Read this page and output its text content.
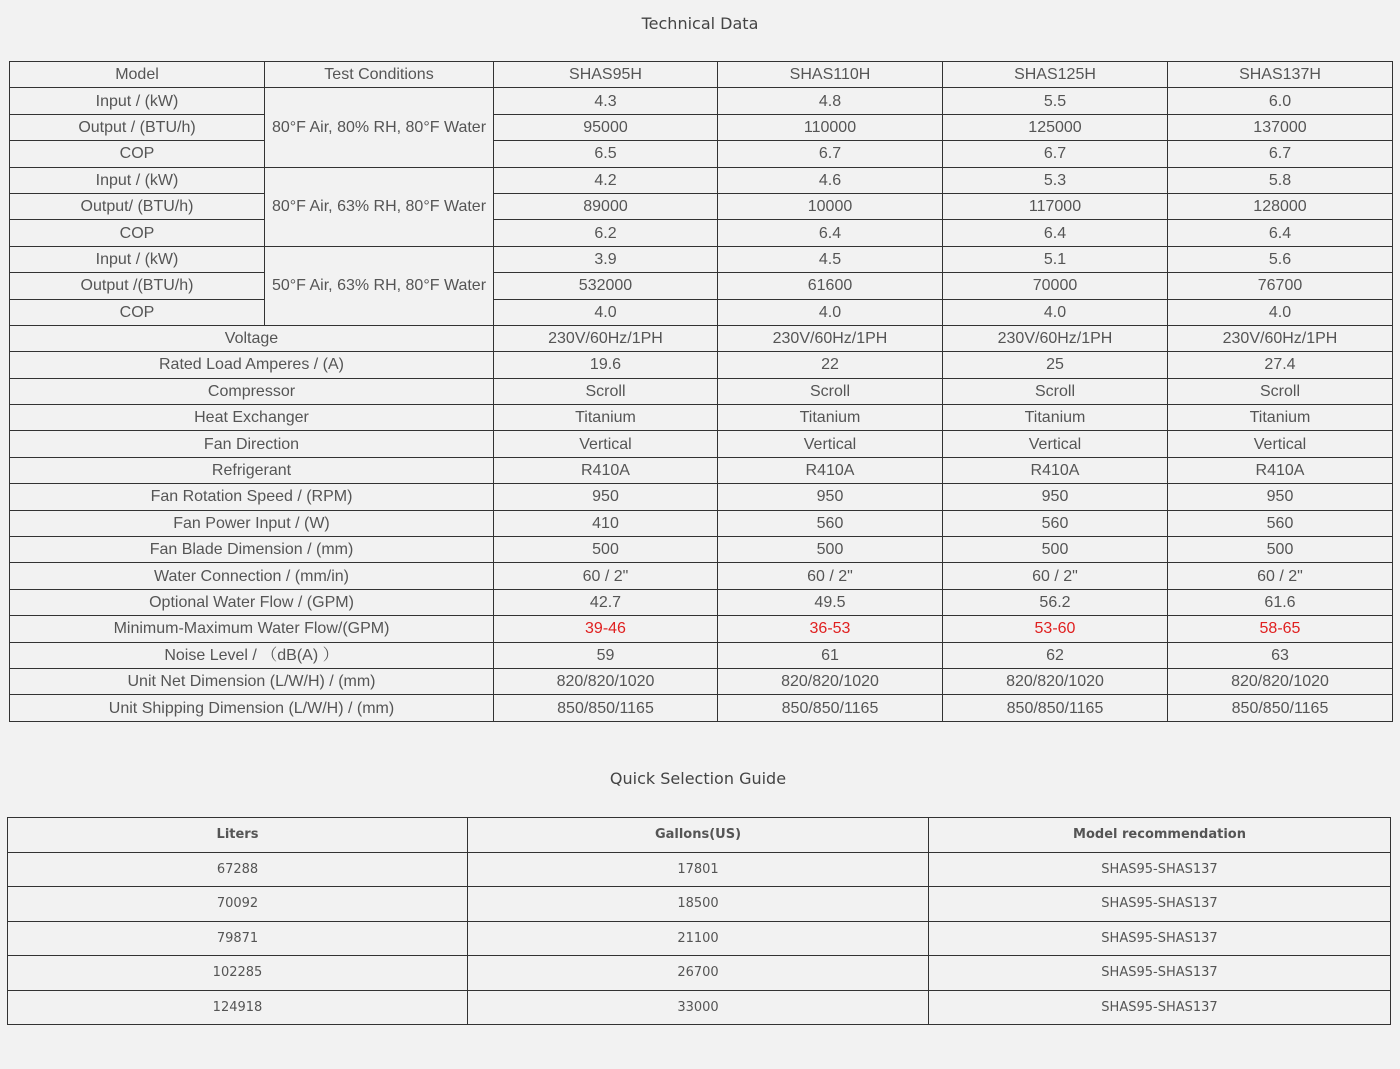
Technical Data
Model	Test Conditions	SHAS95H	SHAS110H	SHAS125H	SHAS137H
Input / (kW)	80°F Air, 80% RH, 80°F Water	4.3	4.8	5.5	6.0
Output / (BTU/h)		95000	110000	125000	137000
COP		6.5	6.7	6.7	6.7
Input / (kW)	80°F Air, 63% RH, 80°F Water	4.2	4.6	5.3	5.8
Output/ (BTU/h)		89000	10000	117000	128000
COP		6.2	6.4	6.4	6.4
Input / (kW)	50°F Air, 63% RH, 80°F Water	3.9	4.5	5.1	5.6
Output /(BTU/h)		532000	61600	70000	76700
COP		4.0	4.0	4.0	4.0
Voltage		230V/60Hz/1PH	230V/60Hz/1PH	230V/60Hz/1PH	230V/60Hz/1PH
Rated Load Amperes / (A)		19.6	22	25	27.4
Compressor		Scroll	Scroll	Scroll	Scroll
Heat Exchanger		Titanium	Titanium	Titanium	Titanium
Fan Direction		Vertical	Vertical	Vertical	Vertical
Refrigerant		R410A	R410A	R410A	R410A
Fan Rotation Speed / (RPM)		950	950	950	950
Fan Power Input / (W)		410	560	560	560
Fan Blade Dimension / (mm)		500	500	500	500
Water Connection / (mm/in)		60 / 2"	60 / 2"	60 / 2"	60 / 2"
Optional Water Flow / (GPM)		42.7	49.5	56.2	61.6
Minimum-Maximum Water Flow/(GPM)		39-46	36-53	53-60	58-65
Noise Level / （dB(A) ）		59	61	62	63
Unit Net Dimension (L/W/H) / (mm)		820/820/1020	820/820/1020	820/820/1020	820/820/1020
Unit Shipping Dimension (L/W/H) / (mm)		850/850/1165	850/850/1165	850/850/1165	850/850/1165
Quick Selection Guide
Liters	Gallons(US)	Model recommendation
67288	17801	SHAS95-SHAS137
70092	18500	SHAS95-SHAS137
79871	21100	SHAS95-SHAS137
102285	26700	SHAS95-SHAS137
124918	33000	SHAS95-SHAS137
